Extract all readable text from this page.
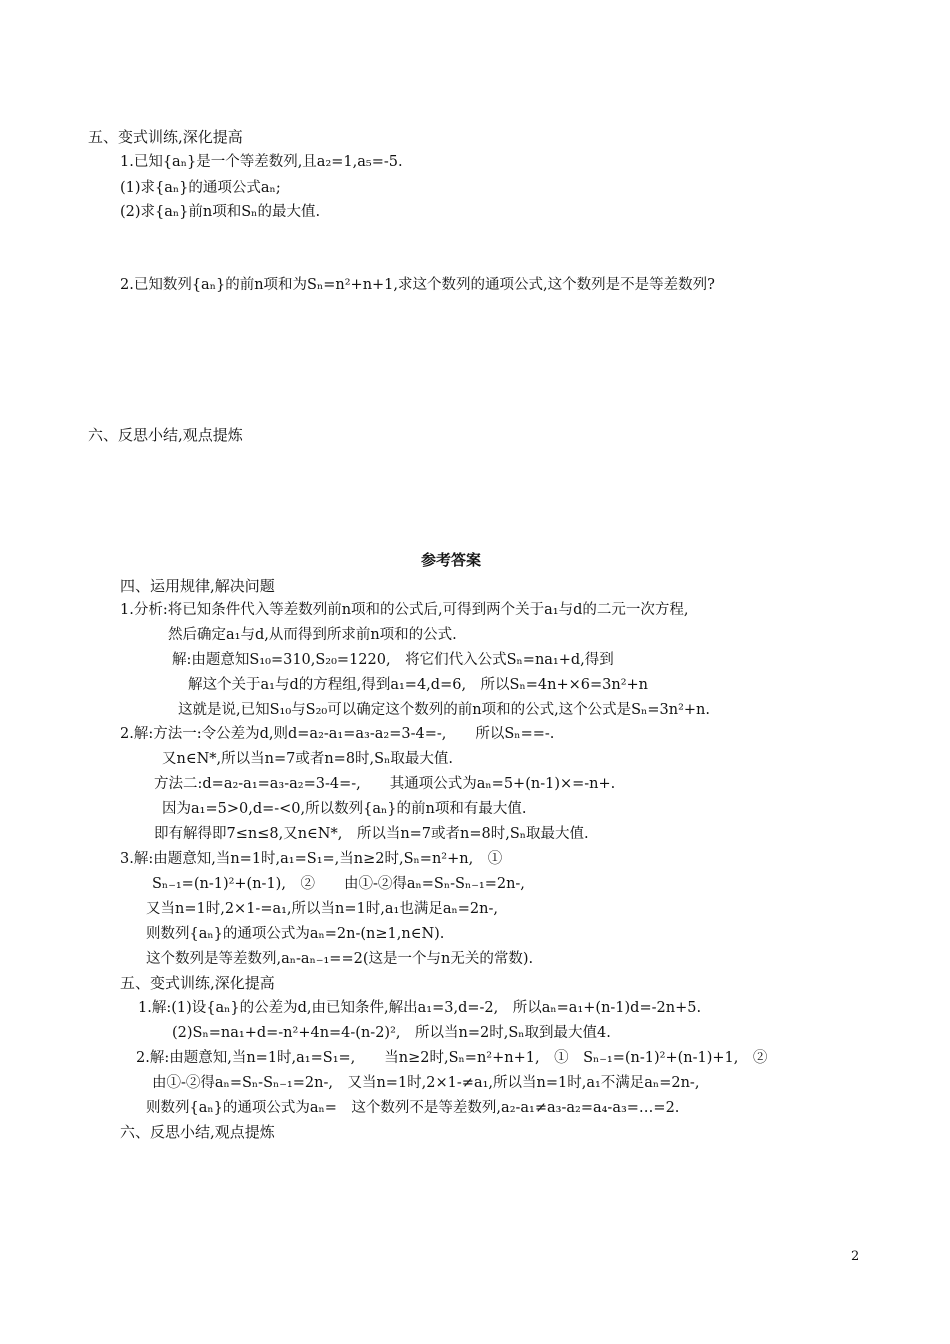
五、变式训练,深化提高
1.已知{aₙ}是一个等差数列,且a₂=1,a₅=-5.
(1)求{aₙ}的通项公式aₙ;
(2)求{aₙ}前n项和Sₙ的最大值.
2.已知数列{aₙ}的前n项和为Sₙ=n²+n+1,求这个数列的通项公式,这个数列是不是等差数列?
六、反思小结,观点提炼
参考答案
四、运用规律,解决问题
1.分析:将已知条件代入等差数列前n项和的公式后,可得到两个关于a₁与d的二元一次方程,
然后确定a₁与d,从而得到所求前n项和的公式.
解:由题意知S₁₀=310,S₂₀=1220,　将它们代入公式Sₙ=na₁+d,得到
解这个关于a₁与d的方程组,得到a₁=4,d=6,　所以Sₙ=4n+×6=3n²+n
这就是说,已知S₁₀与S₂₀可以确定这个数列的前n项和的公式,这个公式是Sₙ=3n²+n.
2.解:方法一:令公差为d,则d=a₂-a₁=a₃-a₂=3-4=-,　　所以Sₙ==-.
又n∈N*,所以当n=7或者n=8时,Sₙ取最大值.
方法二:d=a₂-a₁=a₃-a₂=3-4=-,　　其通项公式为aₙ=5+(n-1)×=-n+.
因为a₁=5>0,d=-<0,所以数列{aₙ}的前n项和有最大值.
即有解得即7≤n≤8,又n∈N*,　所以当n=7或者n=8时,Sₙ取最大值.
3.解:由题意知,当n=1时,a₁=S₁=,当n≥2时,Sₙ=n²+n,　①
Sₙ₋₁=(n-1)²+(n-1),　②　　由①-②得aₙ=Sₙ-Sₙ₋₁=2n-,
又当n=1时,2×1-=a₁,所以当n=1时,a₁也满足aₙ=2n-,
则数列{aₙ}的通项公式为aₙ=2n-(n≥1,n∈N).
这个数列是等差数列,aₙ-aₙ₋₁==2(这是一个与n无关的常数).
五、变式训练,深化提高
1.解:(1)设{aₙ}的公差为d,由已知条件,解出a₁=3,d=-2,　所以aₙ=a₁+(n-1)d=-2n+5.
(2)Sₙ=na₁+d=-n²+4n=4-(n-2)²,　所以当n=2时,Sₙ取到最大值4.
2.解:由题意知,当n=1时,a₁=S₁=,　　当n≥2时,Sₙ=n²+n+1,　①　Sₙ₋₁=(n-1)²+(n-1)+1,　②
由①-②得aₙ=Sₙ-Sₙ₋₁=2n-,　又当n=1时,2×1-≠a₁,所以当n=1时,a₁不满足aₙ=2n-,
则数列{aₙ}的通项公式为aₙ=　这个数列不是等差数列,a₂-a₁≠a₃-a₂=a₄-a₃=…=2.
六、反思小结,观点提炼
2
